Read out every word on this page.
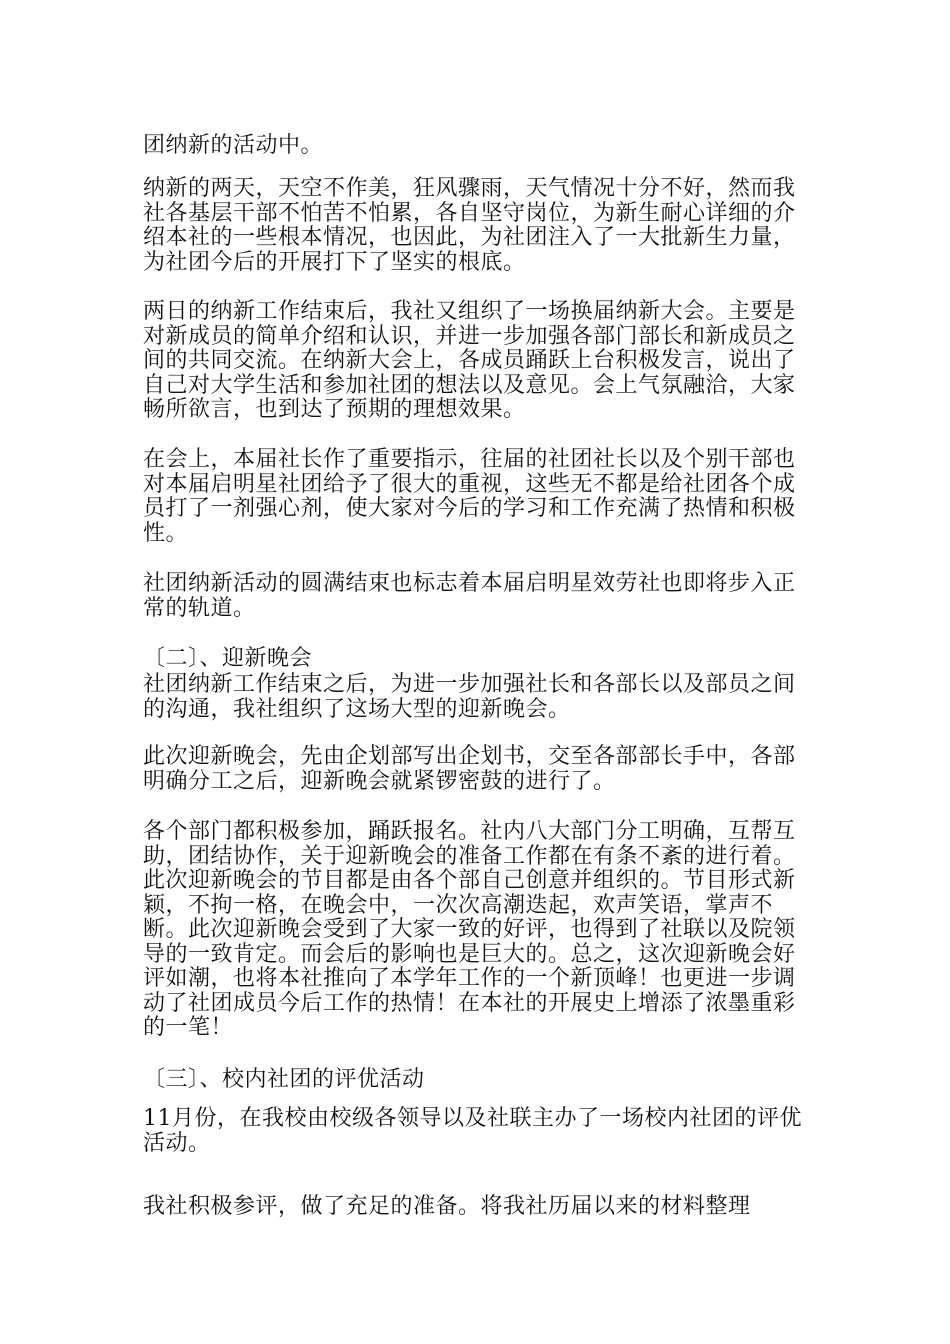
团纳新的活动中。

纳新的两天，天空不作美，狂风骤雨，天气情况十分不好，然而我社各基层干部不怕苦不怕累，各自坚守岗位，为新生耐心详细的介绍本社的一些根本情况，也因此，为社团注入了一大批新生力量，为社团今后的开展打下了坚实的根底。

两日的纳新工作结束后，我社又组织了一场换届纳新大会。主要是对新成员的简单介绍和认识，并进一步加强各部门部长和新成员之间的共同交流。在纳新大会上，各成员踊跃上台积极发言，说出了自己对大学生活和参加社团的想法以及意见。会上气氛融洽，大家畅所欲言，也到达了预期的理想效果。

在会上，本届社长作了重要指示，往届的社团社长以及个别干部也对本届启明星社团给予了很大的重视，这些无不都是给社团各个成员打了一剂强心剂，使大家对今后的学习和工作充满了热情和积极性。

社团纳新活动的圆满结束也标志着本届启明星效劳社也即将步入正常的轨道。

〔二〕、迎新晚会

社团纳新工作结束之后，为进一步加强社长和各部长以及部员之间的沟通，我社组织了这场大型的迎新晚会。

此次迎新晚会，先由企划部写出企划书，交至各部部长手中，各部明确分工之后，迎新晚会就紧锣密鼓的进行了。

各个部门都积极参加，踊跃报名。社内八大部门分工明确，互帮互助，团结协作，关于迎新晚会的准备工作都在有条不紊的进行着。此次迎新晚会的节目都是由各个部自己创意并组织的。节目形式新颖，不拘一格，在晚会中，一次次高潮迭起，欢声笑语，掌声不断。此次迎新晚会受到了大家一致的好评，也得到了社联以及院领导的一致肯定。而会后的影响也是巨大的。总之，这次迎新晚会好评如潮，也将本社推向了本学年工作的一个新顶峰！也更进一步调动了社团成员今后工作的热情！在本社的开展史上增添了浓墨重彩的一笔！

〔三〕、校内社团的评优活动

11月份，在我校由校级各领导以及社联主办了一场校内社团的评优活动。

我社积极参评，做了充足的准备。将我社历届以来的材料整理
